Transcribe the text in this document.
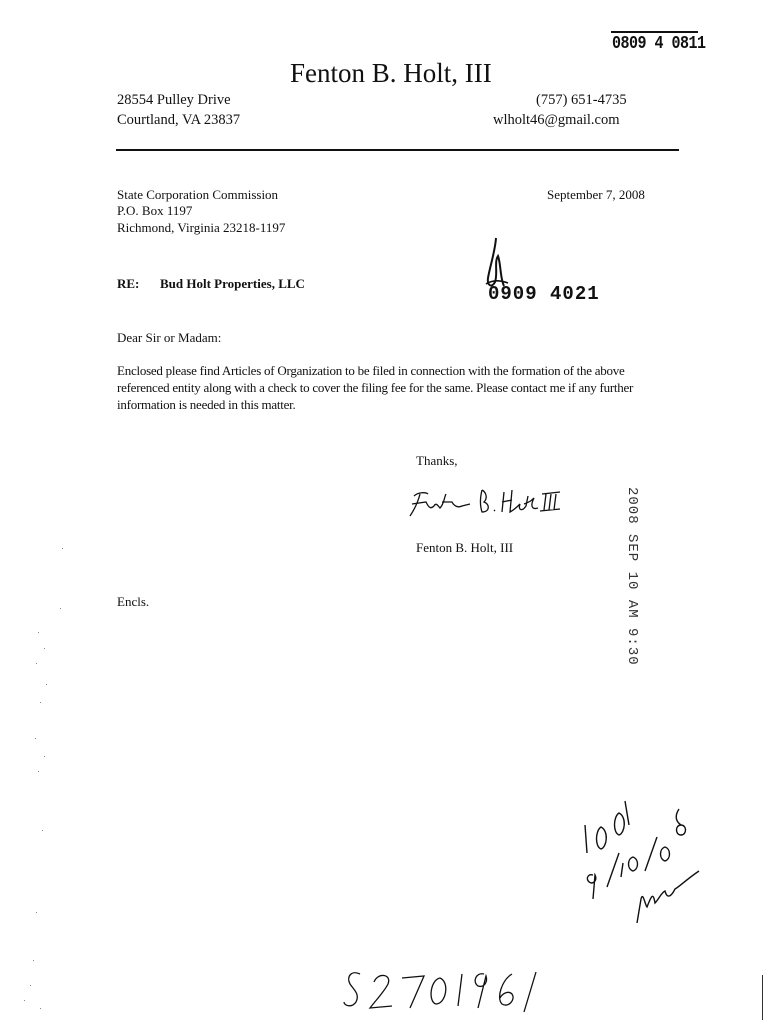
0809 4 0811
Fenton B. Holt, III
28554 Pulley Drive
Courtland, VA 23837
(757) 651-4735
wlholt46@gmail.com
State Corporation Commission
P.O. Box 1197
Richmond, Virginia 23218-1197
September 7, 2008
RE: Bud Holt Properties, LLC	0909 4021
Dear Sir or Madam:
Enclosed please find Articles of Organization to be filed in connection with the formation of the above referenced entity along with a check to cover the filing fee for the same. Please contact me if any further information is needed in this matter.
Thanks,
Fenton B. Holt, III
Encls.	2008 SEP 10 AM 9:30
